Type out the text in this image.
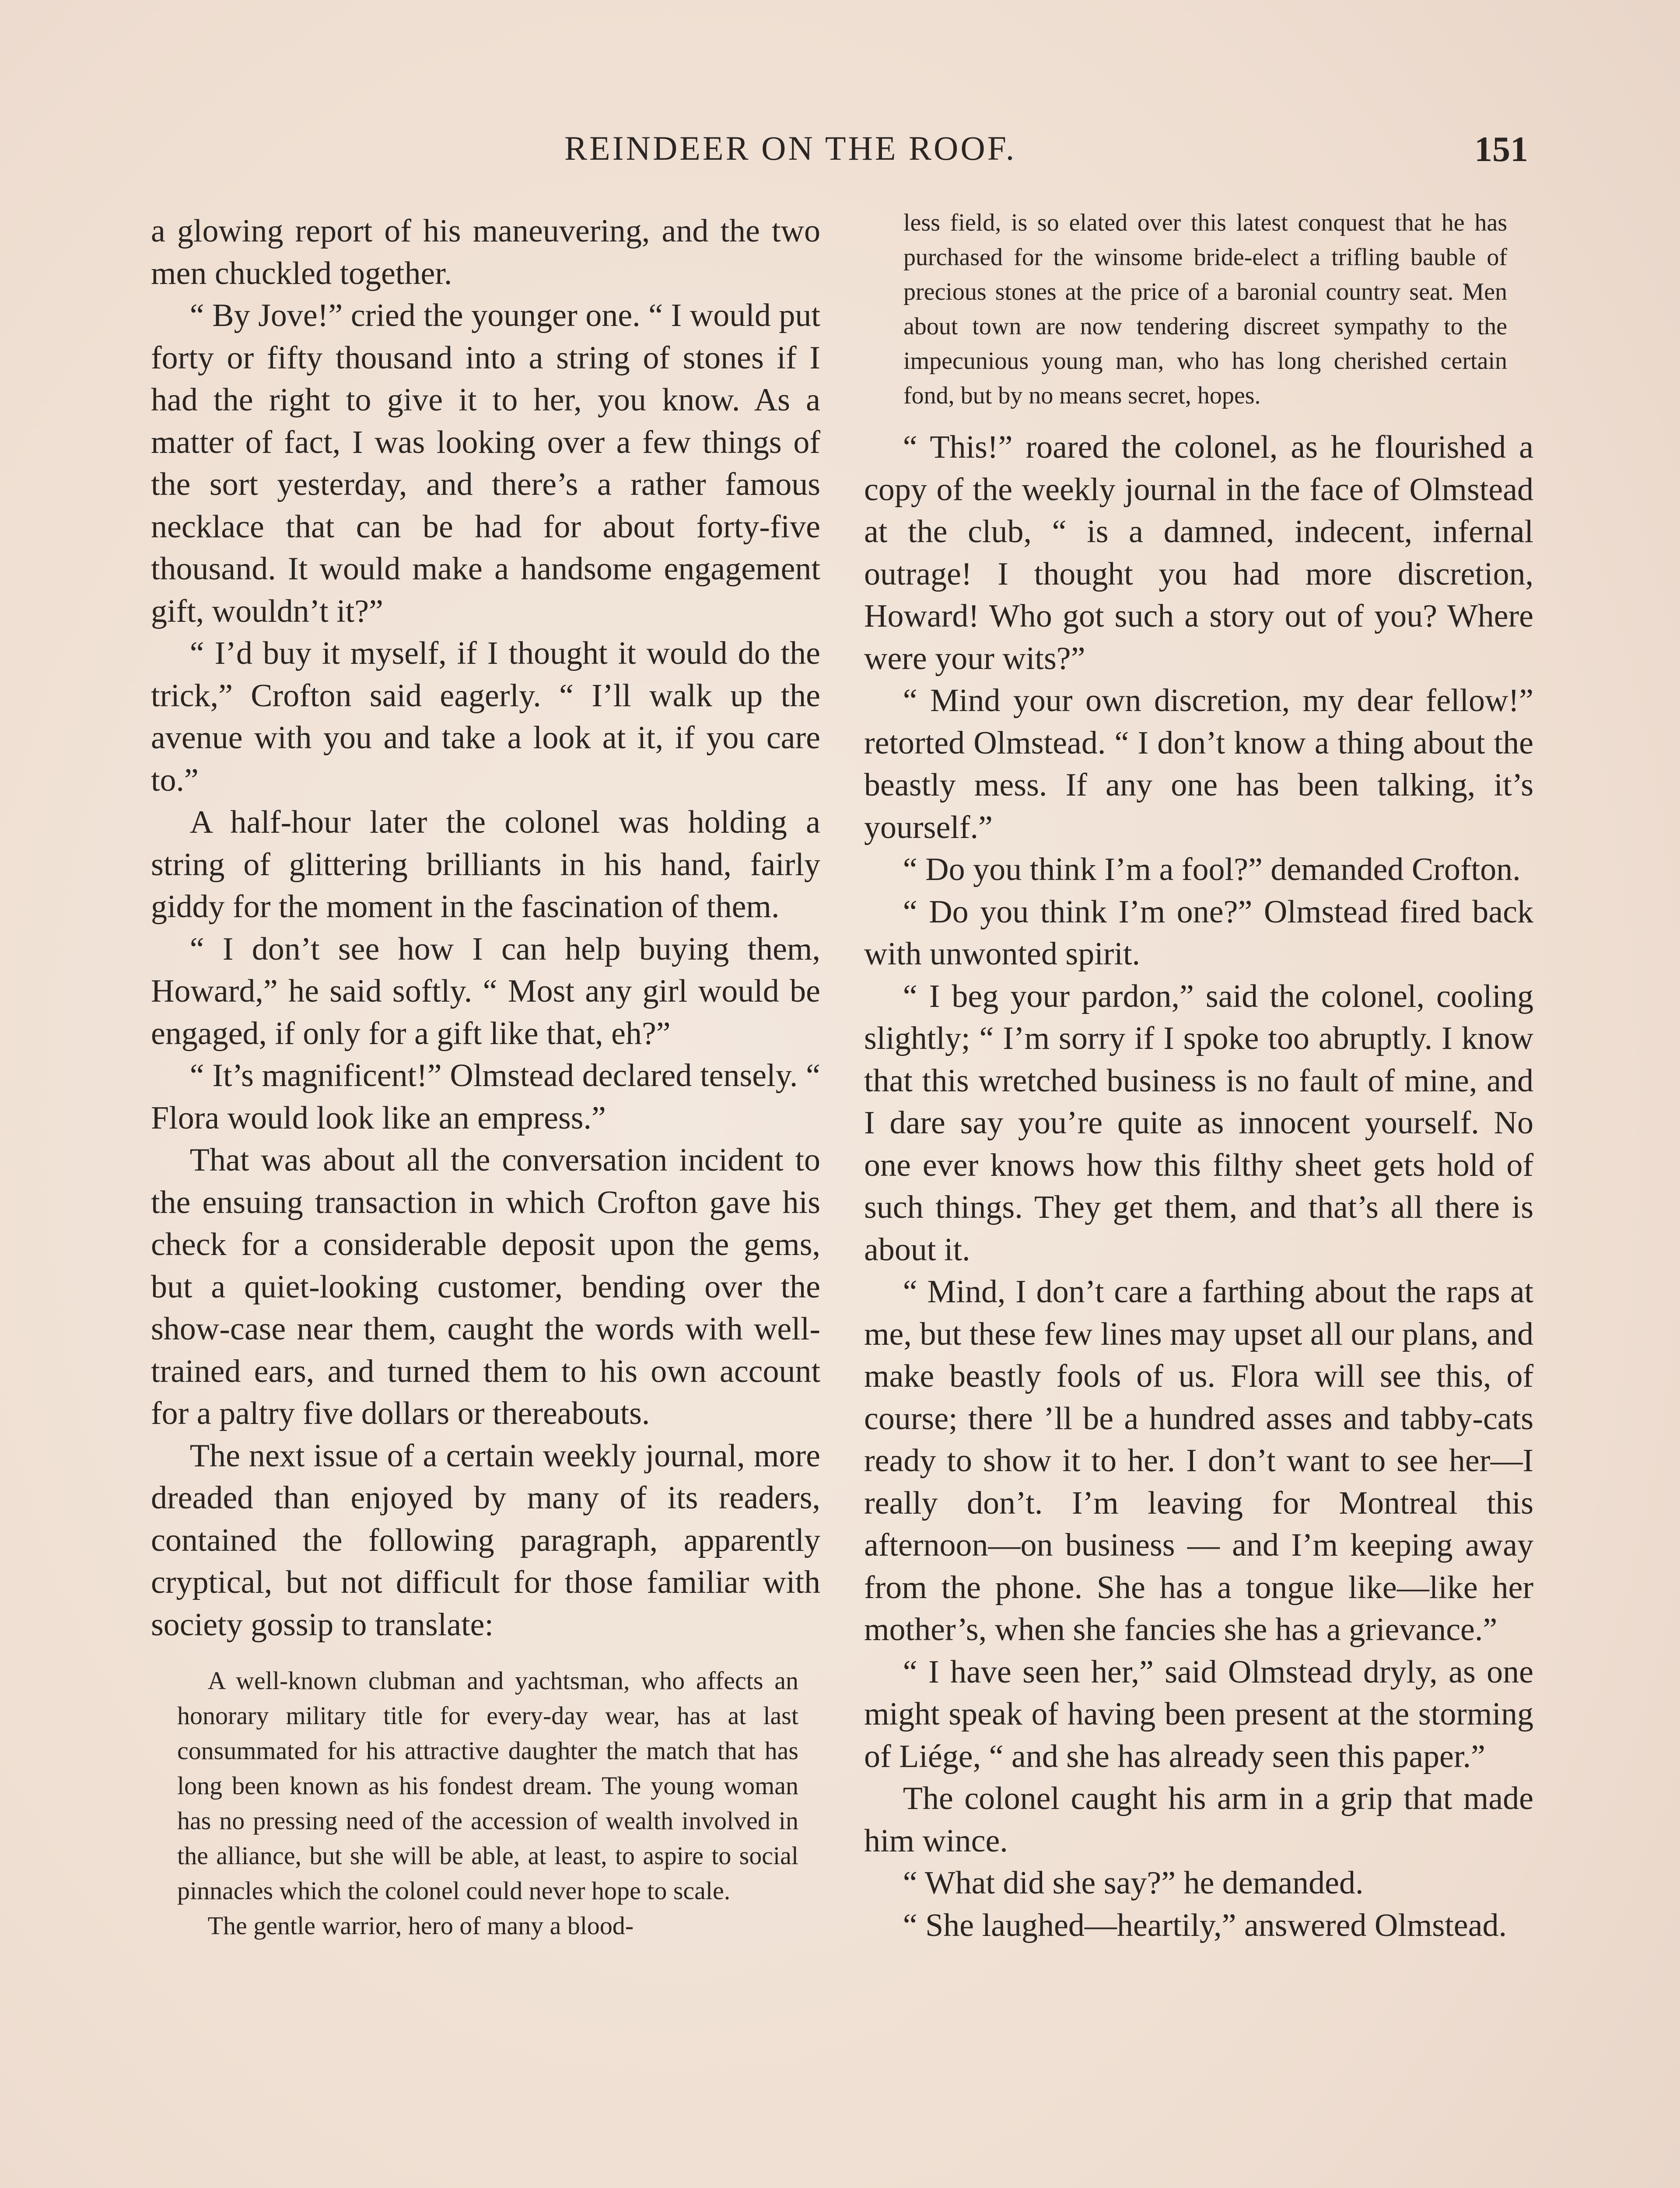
REINDEER ON THE ROOF.	151

a glowing report of his maneuvering, and the two men chuckled together.

“ By Jove!” cried the younger one. “ I would put forty or fifty thousand into a string of stones if I had the right to give it to her, you know. As a matter of fact, I was looking over a few things of the sort yesterday, and there’s a rather famous necklace that can be had for about forty-five thousand. It would make a handsome engagement gift, wouldn’t it?”

“ I’d buy it myself, if I thought it would do the trick,” Crofton said eagerly. “ I’ll walk up the avenue with you and take a look at it, if you care to.”

A half-hour later the colonel was holding a string of glittering brilliants in his hand, fairly giddy for the moment in the fascination of them.

“ I don’t see how I can help buying them, Howard,” he said softly. “ Most any girl would be engaged, if only for a gift like that, eh?”

“ It’s magnificent!” Olmstead declared tensely. “ Flora would look like an empress.”

That was about all the conversation incident to the ensuing transaction in which Crofton gave his check for a considerable deposit upon the gems, but a quiet-looking customer, bending over the show-case near them, caught the words with well-trained ears, and turned them to his own account for a paltry five dollars or thereabouts.

The next issue of a certain weekly journal, more dreaded than enjoyed by many of its readers, contained the following paragraph, apparently cryptical, but not difficult for those familiar with society gossip to translate:

A well-known clubman and yachtsman, who affects an honorary military title for every-day wear, has at last consummated for his attractive daughter the match that has long been known as his fondest dream. The young woman has no pressing need of the accession of wealth involved in the alliance, but she will be able, at least, to aspire to social pinnacles which the colonel could never hope to scale.

The gentle warrior, hero of many a blood-

less field, is so elated over this latest conquest that he has purchased for the winsome bride-elect a trifling bauble of precious stones at the price of a baronial country seat. Men about town are now tendering discreet sympathy to the impecunious young man, who has long cherished certain fond, but by no means secret, hopes.

“ This!” roared the colonel, as he flourished a copy of the weekly journal in the face of Olmstead at the club, “ is a damned, indecent, infernal outrage! I thought you had more discretion, Howard! Who got such a story out of you? Where were your wits?”

“ Mind your own discretion, my dear fellow!” retorted Olmstead. “ I don’t know a thing about the beastly mess. If any one has been talking, it’s yourself.”

“ Do you think I’m a fool?” demanded Crofton.

“ Do you think I’m one?” Olmstead fired back with unwonted spirit.

“ I beg your pardon,” said the colonel, cooling slightly; “ I’m sorry if I spoke too abruptly. I know that this wretched business is no fault of mine, and I dare say you’re quite as innocent yourself. No one ever knows how this filthy sheet gets hold of such things. They get them, and that’s all there is about it.

“ Mind, I don’t care a farthing about the raps at me, but these few lines may upset all our plans, and make beastly fools of us. Flora will see this, of course; there ’ll be a hundred asses and tabby-cats ready to show it to her. I don’t want to see her—I really don’t. I’m leaving for Montreal this afternoon—on business — and I’m keeping away from the phone. She has a tongue like—like her mother’s, when she fancies she has a grievance.”

“ I have seen her,” said Olmstead dryly, as one might speak of having been present at the storming of Liége, “ and she has already seen this paper.”

The colonel caught his arm in a grip that made him wince.

“ What did she say?” he demanded.

“ She laughed—heartily,” answered Olmstead.
